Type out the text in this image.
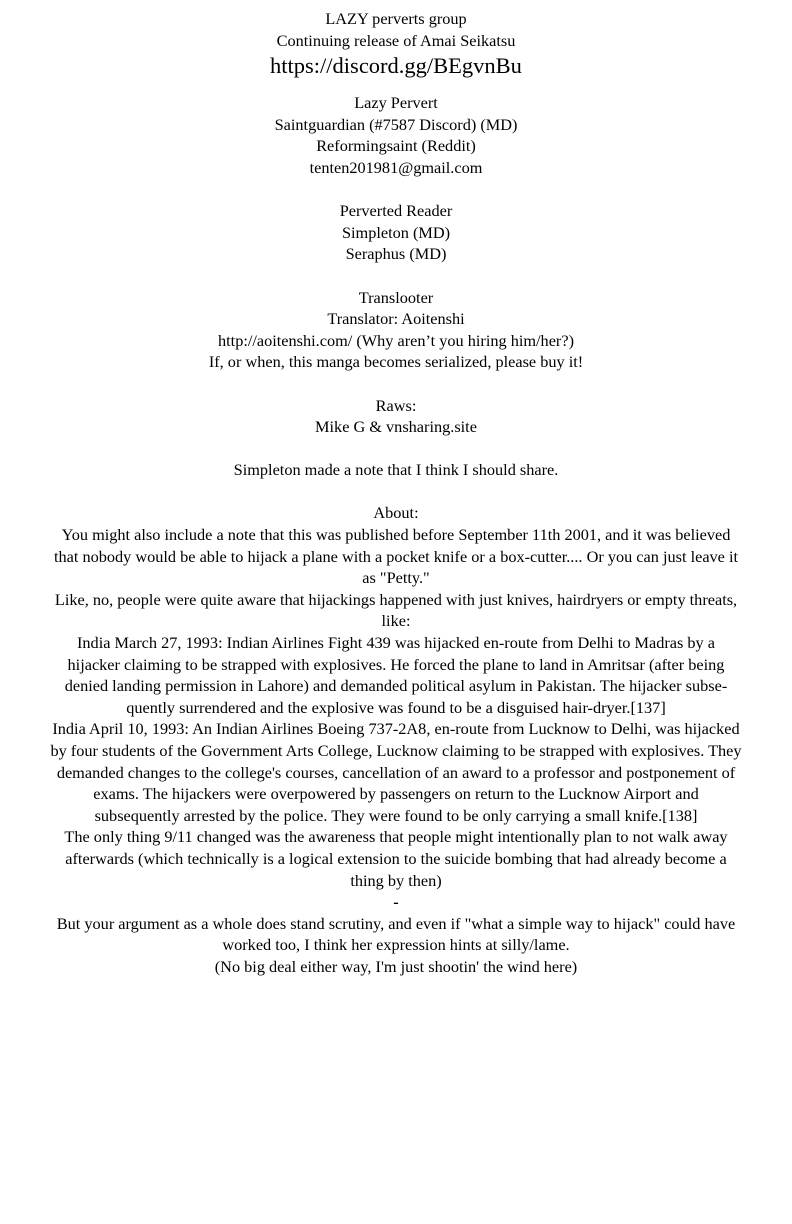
LAZY perverts group
Continuing release of Amai Seikatsu
https://discord.gg/BEgvnBu
Lazy Pervert
Saintguardian (#7587 Discord) (MD)
Reformingsaint (Reddit)
tenten201981@gmail.com
Perverted Reader
Simpleton (MD)
Seraphus (MD)
Translooter
Translator: Aoitenshi
http://aoitenshi.com/ (Why aren’t you hiring him/her?)
If, or when, this manga becomes serialized, please buy it!
Raws:
Mike G & vnsharing.site
Simpleton made a note that I think I should share.
About:
You might also include a note that this was published before September 11th 2001, and it was believed
that nobody would be able to hijack a plane with a pocket knife or a box-cutter.... Or you can just leave it
as "Petty."
Like, no, people were quite aware that hijackings happened with just knives, hairdryers or empty threats,
like:
India March 27, 1993: Indian Airlines Fight 439 was hijacked en-route from Delhi to Madras by a
hijacker claiming to be strapped with explosives. He forced the plane to land in Amritsar (after being
denied landing permission in Lahore) and demanded political asylum in Pakistan. The hijacker subse-
quently surrendered and the explosive was found to be a disguised hair-dryer.[137]
India April 10, 1993: An Indian Airlines Boeing 737-2A8, en-route from Lucknow to Delhi, was hijacked
by four students of the Government Arts College, Lucknow claiming to be strapped with explosives. They
demanded changes to the college's courses, cancellation of an award to a professor and postponement of
exams. The hijackers were overpowered by passengers on return to the Lucknow Airport and
subsequently arrested by the police. They were found to be only carrying a small knife.[138]
The only thing 9/11 changed was the awareness that people might intentionally plan to not walk away
afterwards (which technically is a logical extension to the suicide bombing that had already become a
thing by then)
-
But your argument as a whole does stand scrutiny, and even if "what a simple way to hijack" could have
worked too, I think her expression hints at silly/lame.
(No big deal either way, I'm just shootin' the wind here)
